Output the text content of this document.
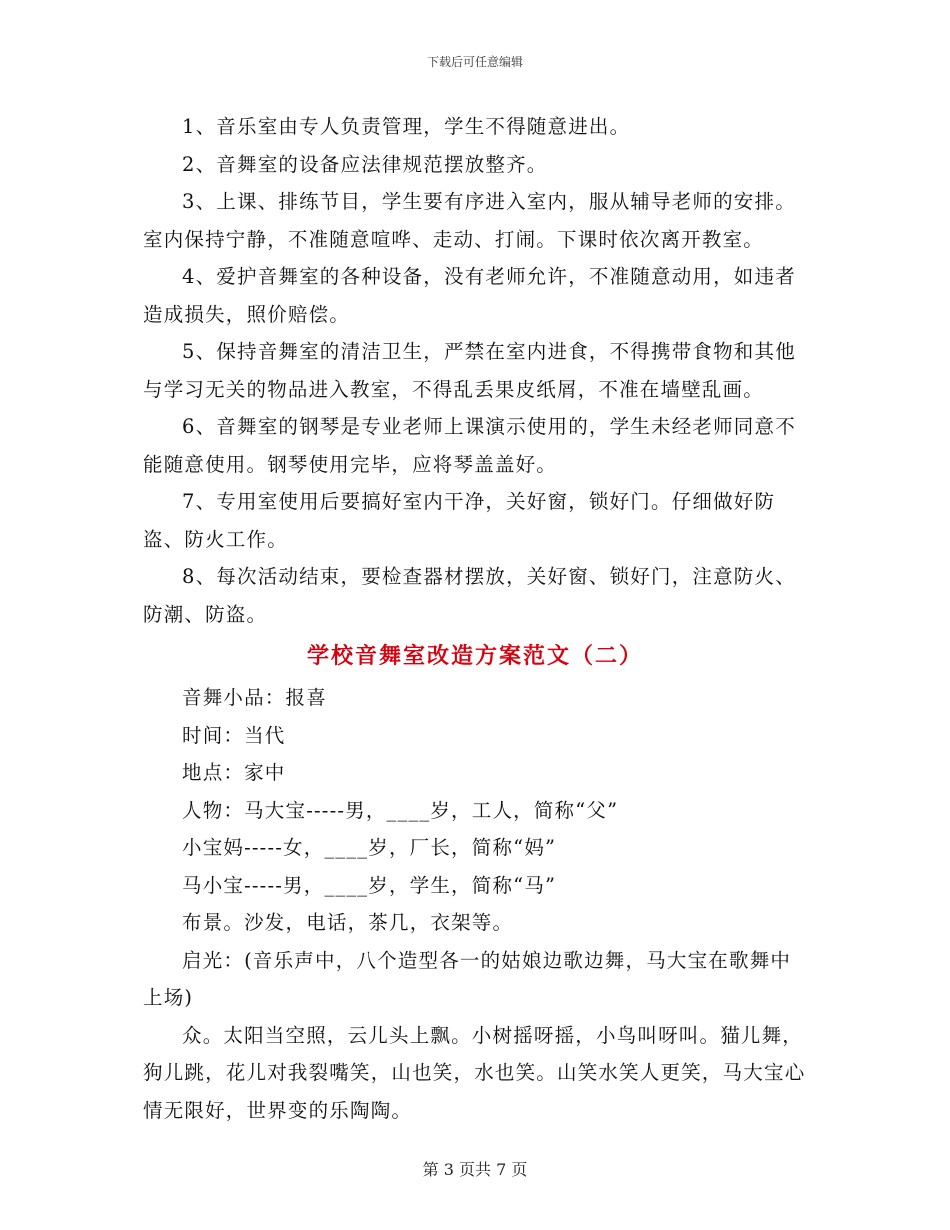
下载后可任意编辑

1、音乐室由专人负责管理，学生不得随意进出。

2、音舞室的设备应法律规范摆放整齐。

3、上课、排练节目，学生要有序进入室内，服从辅导老师的安排。室内保持宁静，不准随意喧哗、走动、打闹。下课时依次离开教室。

4、爱护音舞室的各种设备，没有老师允许，不准随意动用，如违者造成损失，照价赔偿。

5、保持音舞室的清洁卫生，严禁在室内进食，不得携带食物和其他与学习无关的物品进入教室，不得乱丢果皮纸屑，不准在墙壁乱画。

6、音舞室的钢琴是专业老师上课演示使用的，学生未经老师同意不能随意使用。钢琴使用完毕，应将琴盖盖好。

7、专用室使用后要搞好室内干净，关好窗，锁好门。仔细做好防盗、防火工作。

8、每次活动结束，要检查器材摆放，关好窗、锁好门，注意防火、防潮、防盗。

学校音舞室改造方案范文（二）

音舞小品：报喜

时间：当代

地点：家中

人物：马大宝-----男，____岁，工人，简称“父”

小宝妈-----女，____岁，厂长，简称“妈”

马小宝-----男，____岁，学生，简称“马”

布景。沙发，电话，茶几，衣架等。

启光：(音乐声中，八个造型各一的姑娘边歌边舞，马大宝在歌舞中上场)

众。太阳当空照，云儿头上飘。小树摇呀摇，小鸟叫呀叫。猫儿舞，狗儿跳，花儿对我裂嘴笑，山也笑，水也笑。山笑水笑人更笑，马大宝心情无限好，世界变的乐陶陶。

第 3 页共 7 页
